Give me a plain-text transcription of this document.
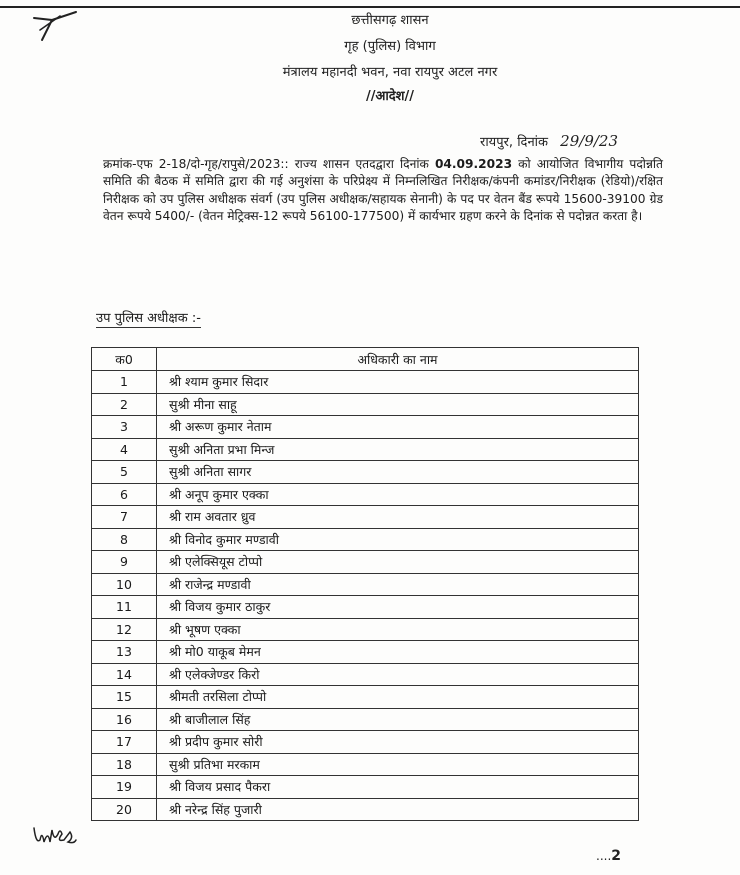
छत्तीसगढ़ शासन
गृह (पुलिस) विभाग
मंत्रालय महानदी भवन, नवा रायपुर अटल नगर
//आदेश//
रायपुर, दिनांक 29/9/23
क्रमांक-एफ 2-18/दो-गृह/रापुसे/2023:: राज्य शासन एतदद्वारा दिनांक 04.09.2023 को आयोजित विभागीय पदोन्नति समिति की बैठक में समिति द्वारा की गई अनुशंसा के परिप्रेक्ष्य में निम्नलिखित निरीक्षक/कंपनी कमांडर/निरीक्षक (रेडियो)/रक्षित निरीक्षक को उप पुलिस अधीक्षक संवर्ग (उप पुलिस अधीक्षक/सहायक सेनानी) के पद पर वेतन बैंड रूपये 15600-39100 ग्रेड वेतन रूपये 5400/- (वेतन मेट्रिक्स-12 रूपये 56100-177500) में कार्यभार ग्रहण करने के दिनांक से पदोन्नत करता है।
उप पुलिस अधीक्षक :-
क0	अधिकारी का नाम
1	श्री श्याम कुमार सिदार
2	सुश्री मीना साहू
3	श्री अरूण कुमार नेताम
4	सुश्री अनिता प्रभा मिन्ज
5	सुश्री अनिता सागर
6	श्री अनूप कुमार एक्का
7	श्री राम अवतार ध्रुव
8	श्री विनोद कुमार मण्डावी
9	श्री एलेक्सियूस टोप्पो
10	श्री राजेन्द्र मण्डावी
11	श्री विजय कुमार ठाकुर
12	श्री भूषण एक्का
13	श्री मो0 याकूब मेमन
14	श्री एलेक्जेण्डर किरो
15	श्रीमती तरसिला टोप्पो
16	श्री बाजीलाल सिंह
17	श्री प्रदीप कुमार सोरी
18	सुश्री प्रतिभा मरकाम
19	श्री विजय प्रसाद पैकरा
20	श्री नरेन्द्र सिंह पुजारी
....2
